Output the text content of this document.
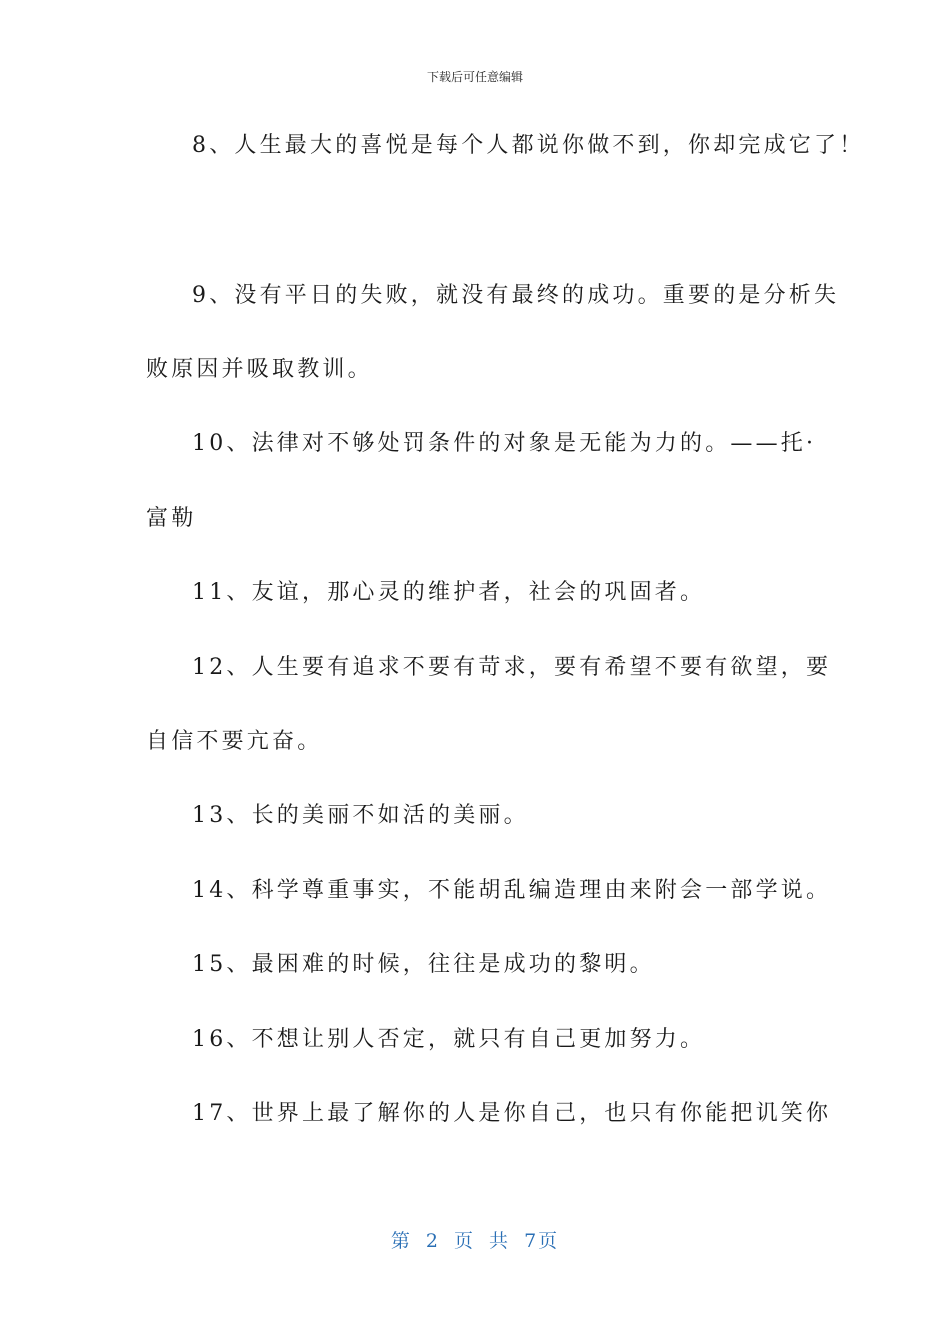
下载后可任意编辑
8、人生最大的喜悦是每个人都说你做不到，你却完成它了！
9、没有平日的失败，就没有最终的成功。重要的是分析失
败原因并吸取教训。
10、法律对不够处罚条件的对象是无能为力的。——托·
富勒
11、友谊，那心灵的维护者，社会的巩固者。
12、人生要有追求不要有苛求，要有希望不要有欲望，要
自信不要亢奋。
13、长的美丽不如活的美丽。
14、科学尊重事实，不能胡乱编造理由来附会一部学说。
15、最困难的时候，往往是成功的黎明。
16、不想让别人否定，就只有自己更加努力。
17、世界上最了解你的人是你自己，也只有你能把讥笑你
第 2 页 共 7页
